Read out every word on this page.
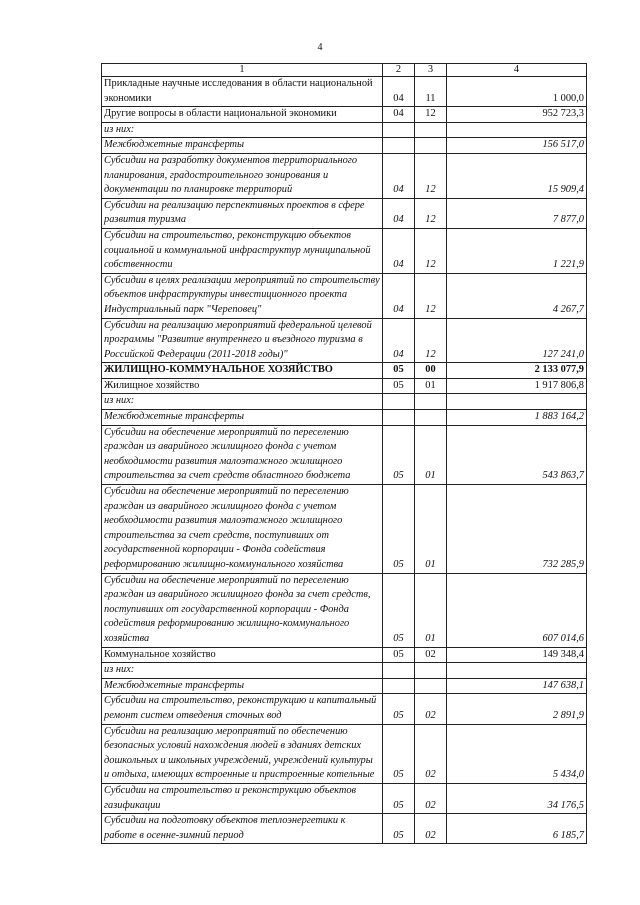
4
1	2	3	4
Прикладные научные исследования в области национальной экономики	04	11	1 000,0
Другие вопросы в области национальной экономики	04	12	952 723,3
из них:			
Межбюджетные трансферты			156 517,0
Субсидии на разработку документов территориального планирования, градостроительного зонирования и документации по планировке территорий	04	12	15 909,4
Субсидии на реализацию перспективных проектов в сфере развития туризма	04	12	7 877,0
Субсидии на строительство, реконструкцию объектов социальной и коммунальной инфраструктур муниципальной собственности	04	12	1 221,9
Субсидии в целях реализации мероприятий по строительству объектов инфраструктуры инвестиционного проекта Индустриальный парк "Череповец"	04	12	4 267,7
Субсидии на реализацию мероприятий федеральной целевой программы "Развитие внутреннего и въездного туризма в Российской Федерации (2011-2018 годы)"	04	12	127 241,0
ЖИЛИЩНО-КОММУНАЛЬНОЕ ХОЗЯЙСТВО	05	00	2 133 077,9
Жилищное хозяйство	05	01	1 917 806,8
из них:			
Межбюджетные трансферты			1 883 164,2
Субсидии на обеспечение мероприятий по переселению граждан из аварийного жилищного фонда с учетом необходимости развития малоэтажного жилищного строительства за счет средств областного бюджета	05	01	543 863,7
Субсидии на обеспечение мероприятий по переселению граждан из аварийного жилищного фонда с учетом необходимости развития малоэтажного жилищного строительства за счет средств, поступивших от государственной корпорации - Фонда содействия реформированию жилищно-коммунального хозяйства	05	01	732 285,9
Субсидии на обеспечение мероприятий по переселению граждан из аварийного жилищного фонда за счет средств, поступивших от государственной корпорации - Фонда содействия реформированию жилищно-коммунального хозяйства	05	01	607 014,6
Коммунальное хозяйство	05	02	149 348,4
из них:			
Межбюджетные трансферты			147 638,1
Субсидии на строительство, реконструкцию и капитальный ремонт систем отведения сточных вод	05	02	2 891,9
Субсидии на реализацию мероприятий по обеспечению безопасных условий нахождения людей в зданиях детских дошкольных и школьных учреждений, учреждений культуры и отдыха, имеющих встроенные и пристроенные котельные	05	02	5 434,0
Субсидии на строительство и реконструкцию объектов газификации	05	02	34 176,5
Субсидии на подготовку объектов теплоэнергетики к работе в осенне-зимний период	05	02	6 185,7
